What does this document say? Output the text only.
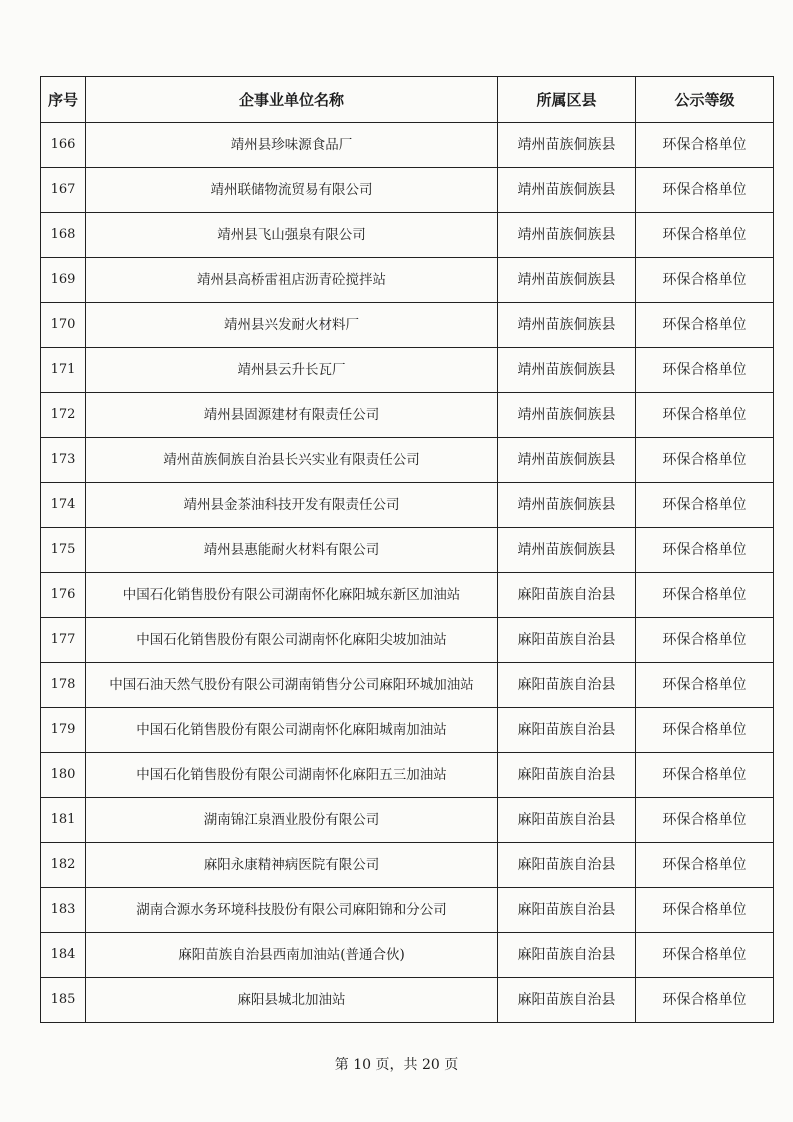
序号	企事业单位名称	所属区县	公示等级
166	靖州县珍味源食品厂	靖州苗族侗族县	环保合格单位
167	靖州联储物流贸易有限公司	靖州苗族侗族县	环保合格单位
168	靖州县飞山强泉有限公司	靖州苗族侗族县	环保合格单位
169	靖州县高桥雷祖店沥青砼搅拌站	靖州苗族侗族县	环保合格单位
170	靖州县兴发耐火材料厂	靖州苗族侗族县	环保合格单位
171	靖州县云升长瓦厂	靖州苗族侗族县	环保合格单位
172	靖州县固源建材有限责任公司	靖州苗族侗族县	环保合格单位
173	靖州苗族侗族自治县长兴实业有限责任公司	靖州苗族侗族县	环保合格单位
174	靖州县金茶油科技开发有限责任公司	靖州苗族侗族县	环保合格单位
175	靖州县惠能耐火材料有限公司	靖州苗族侗族县	环保合格单位
176	中国石化销售股份有限公司湖南怀化麻阳城东新区加油站	麻阳苗族自治县	环保合格单位
177	中国石化销售股份有限公司湖南怀化麻阳尖坡加油站	麻阳苗族自治县	环保合格单位
178	中国石油天然气股份有限公司湖南销售分公司麻阳环城加油站	麻阳苗族自治县	环保合格单位
179	中国石化销售股份有限公司湖南怀化麻阳城南加油站	麻阳苗族自治县	环保合格单位
180	中国石化销售股份有限公司湖南怀化麻阳五三加油站	麻阳苗族自治县	环保合格单位
181	湖南锦江泉酒业股份有限公司	麻阳苗族自治县	环保合格单位
182	麻阳永康精神病医院有限公司	麻阳苗族自治县	环保合格单位
183	湖南合源水务环境科技股份有限公司麻阳锦和分公司	麻阳苗族自治县	环保合格单位
184	麻阳苗族自治县西南加油站(普通合伙)	麻阳苗族自治县	环保合格单位
185	麻阳县城北加油站	麻阳苗族自治县	环保合格单位
第 10 页，共 20 页
